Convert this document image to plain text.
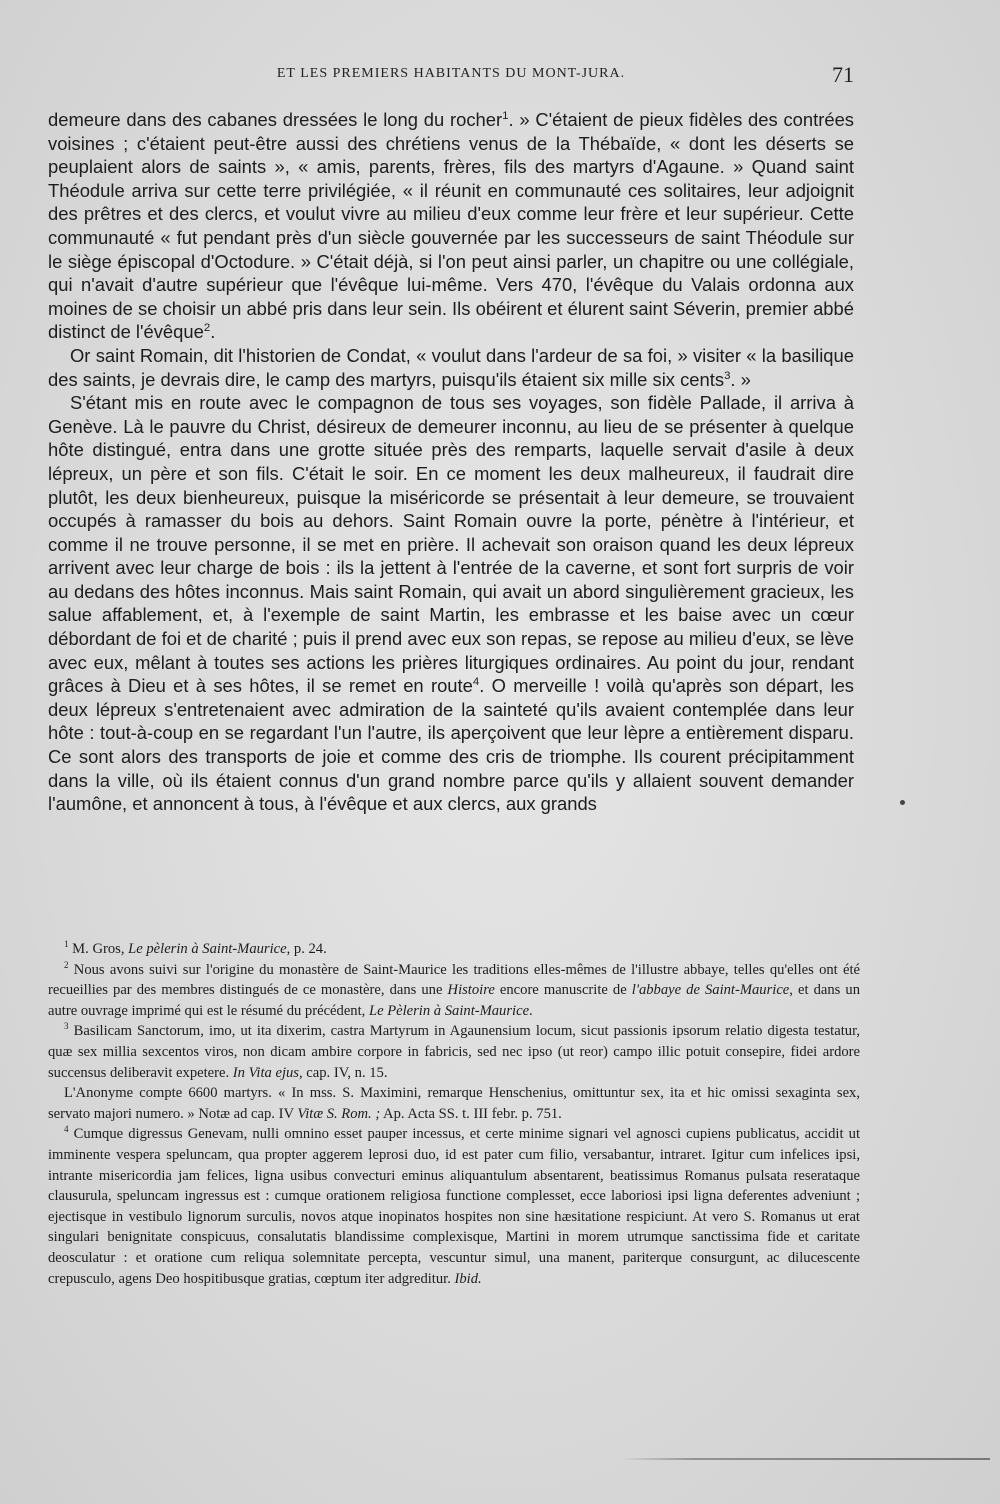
ET LES PREMIERS HABITANTS DU MONT-JURA.	71

demeure dans des cabanes dressées le long du rocher$^1$. » C'étaient de pieux fidèles des contrées voisines ; c'étaient peut-être aussi des chrétiens venus de la Thébaïde, « dont les déserts se peuplaient alors de saints », « amis, parents, frères, fils des martyrs d'Agaune. » Quand saint Théodule arriva sur cette terre privilégiée, « il réunit en communauté ces solitaires, leur adjoignit des prêtres et des clercs, et voulut vivre au milieu d'eux comme leur frère et leur supérieur. Cette communauté « fut pendant près d'un siècle gouvernée par les successeurs de saint Théodule sur le siège épiscopal d'Octodure. » C'était déjà, si l'on peut ainsi parler, un chapitre ou une collégiale, qui n'avait d'autre supérieur que l'évêque lui-même. Vers 470, l'évêque du Valais ordonna aux moines de se choisir un abbé pris dans leur sein. Ils obéirent et élurent saint Séverin, premier abbé distinct de l'évêque$^2$.

Or saint Romain, dit l'historien de Condat, « voulut dans l'ardeur de sa foi, » visiter « la basilique des saints, je devrais dire, le camp des martyrs, puisqu'ils étaient six mille six cents$^3$. »

S'étant mis en route avec le compagnon de tous ses voyages, son fidèle Pallade, il arriva à Genève. Là le pauvre du Christ, désireux de demeurer inconnu, au lieu de se présenter à quelque hôte distingué, entra dans une grotte située près des remparts, laquelle servait d'asile à deux lépreux, un père et son fils. C'était le soir. En ce moment les deux malheureux, il faudrait dire plutôt, les deux bienheureux, puisque la miséricorde se présentait à leur demeure, se trouvaient occupés à ramasser du bois au dehors. Saint Romain ouvre la porte, pénètre à l'intérieur, et comme il ne trouve personne, il se met en prière. Il achevait son oraison quand les deux lépreux arrivent avec leur charge de bois : ils la jettent à l'entrée de la caverne, et sont fort surpris de voir au dedans des hôtes inconnus. Mais saint Romain, qui avait un abord singulièrement gracieux, les salue affablement, et, à l'exemple de saint Martin, les embrasse et les baise avec un cœur débordant de foi et de charité ; puis il prend avec eux son repas, se repose au milieu d'eux, se lève avec eux, mêlant à toutes ses actions les prières liturgiques ordinaires. Au point du jour, rendant grâces à Dieu et à ses hôtes, il se remet en route$^4$. O merveille ! voilà qu'après son départ, les deux lépreux s'entretenaient avec admiration de la sainteté qu'ils avaient contemplée dans leur hôte : tout-à-coup en se regardant l'un l'autre, ils aperçoivent que leur lèpre a entièrement disparu. Ce sont alors des transports de joie et comme des cris de triomphe. Ils courent précipitamment dans la ville, où ils étaient connus d'un grand nombre parce qu'ils y allaient souvent demander l'aumône, et annoncent à tous, à l'évêque et aux clercs, aux grands

$^1$ M. Gros, Le pèlerin à Saint-Maurice, p. 24.

$^2$ Nous avons suivi sur l'origine du monastère de Saint-Maurice les traditions elles-mêmes de l'illustre abbaye, telles qu'elles ont été recueillies par des membres distingués de ce monastère, dans une Histoire encore manuscrite de l'abbaye de Saint-Maurice, et dans un autre ouvrage imprimé qui est le résumé du précédent, Le Pèlerin à Saint-Maurice.

$^3$ Basilicam Sanctorum, imo, ut ita dixerim, castra Martyrum in Agaunensium locum, sicut passionis ipsorum relatio digesta testatur, quæ sex millia sexcentos viros, non dicam ambire corpore in fabricis, sed nec ipso (ut reor) campo illic potuit consepire, fidei ardore succensus deliberavit expetere. In Vita ejus, cap. IV, n. 15.

L'Anonyme compte 6600 martyrs. « In mss. S. Maximini, remarque Henschenius, omittuntur sex, ita et hic omissi sexaginta sex, servato majori numero. » Notæ ad cap. IV Vitæ S. Rom. ; Ap. Acta SS. t. III febr. p. 751.

$^4$ Cumque digressus Genevam, nulli omnino esset pauper incessus, et certe minime signari vel agnosci cupiens publicatus, accidit ut imminente vespera speluncam, qua propter aggerem leprosi duo, id est pater cum filio, versabantur, intraret. Igitur cum infelices ipsi, intrante misericordia jam felices, ligna usibus convecturi eminus aliquantulum absentarent, beatissimus Romanus pulsata reserataque clausurula, speluncam ingressus est : cumque orationem religiosa functione complesset, ecce laboriosi ipsi ligna deferentes adveniunt ; ejectisque in vestibulo lignorum surculis, novos atque inopinatos hospites non sine hæsitatione respiciunt. At vero S. Romanus ut erat singulari benignitate conspicuus, consalutatis blandissime complexisque, Martini in morem utrumque sanctissima fide et caritate deosculatur : et oratione cum reliqua solemnitate percepta, vescuntur simul, una manent, pariterque consurgunt, ac dilucescente crepusculo, agens Deo hospitibusque gratias, cœptum iter adgreditur. Ibid.
